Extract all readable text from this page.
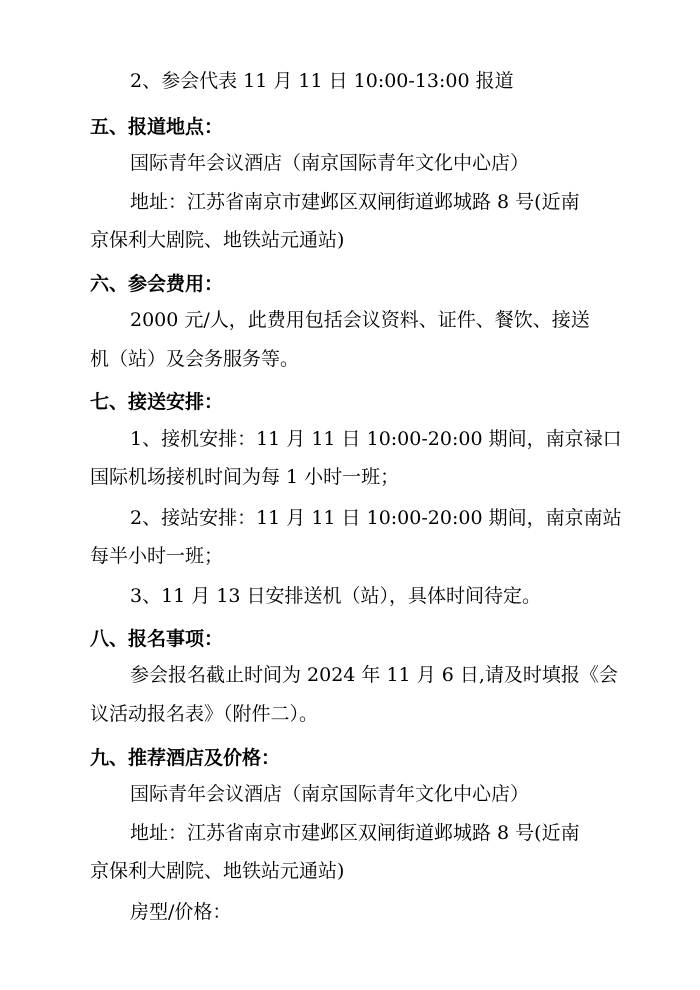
2、参会代表 11 月 11 日 10:00-13:00 报道
五、报道地点：
国际青年会议酒店（南京国际青年文化中心店）
地址：江苏省南京市建邺区双闸街道邺城路 8 号(近南
京保利大剧院、地铁站元通站)
六、参会费用：
2000 元/人，此费用包括会议资料、证件、餐饮、接送
机（站）及会务服务等。
七、接送安排：
1、接机安排：11 月 11 日 10:00-20:00 期间，南京禄口
国际机场接机时间为每 1 小时一班；
2、接站安排：11 月 11 日 10:00-20:00 期间，南京南站
每半小时一班；
3、11 月 13 日安排送机（站），具体时间待定。
八、报名事项：
参会报名截止时间为 2024 年 11 月 6 日,请及时填报《会
议活动报名表》（附件二）。
九、推荐酒店及价格：
国际青年会议酒店（南京国际青年文化中心店）
地址：江苏省南京市建邺区双闸街道邺城路 8 号(近南
京保利大剧院、地铁站元通站)
房型/价格：
